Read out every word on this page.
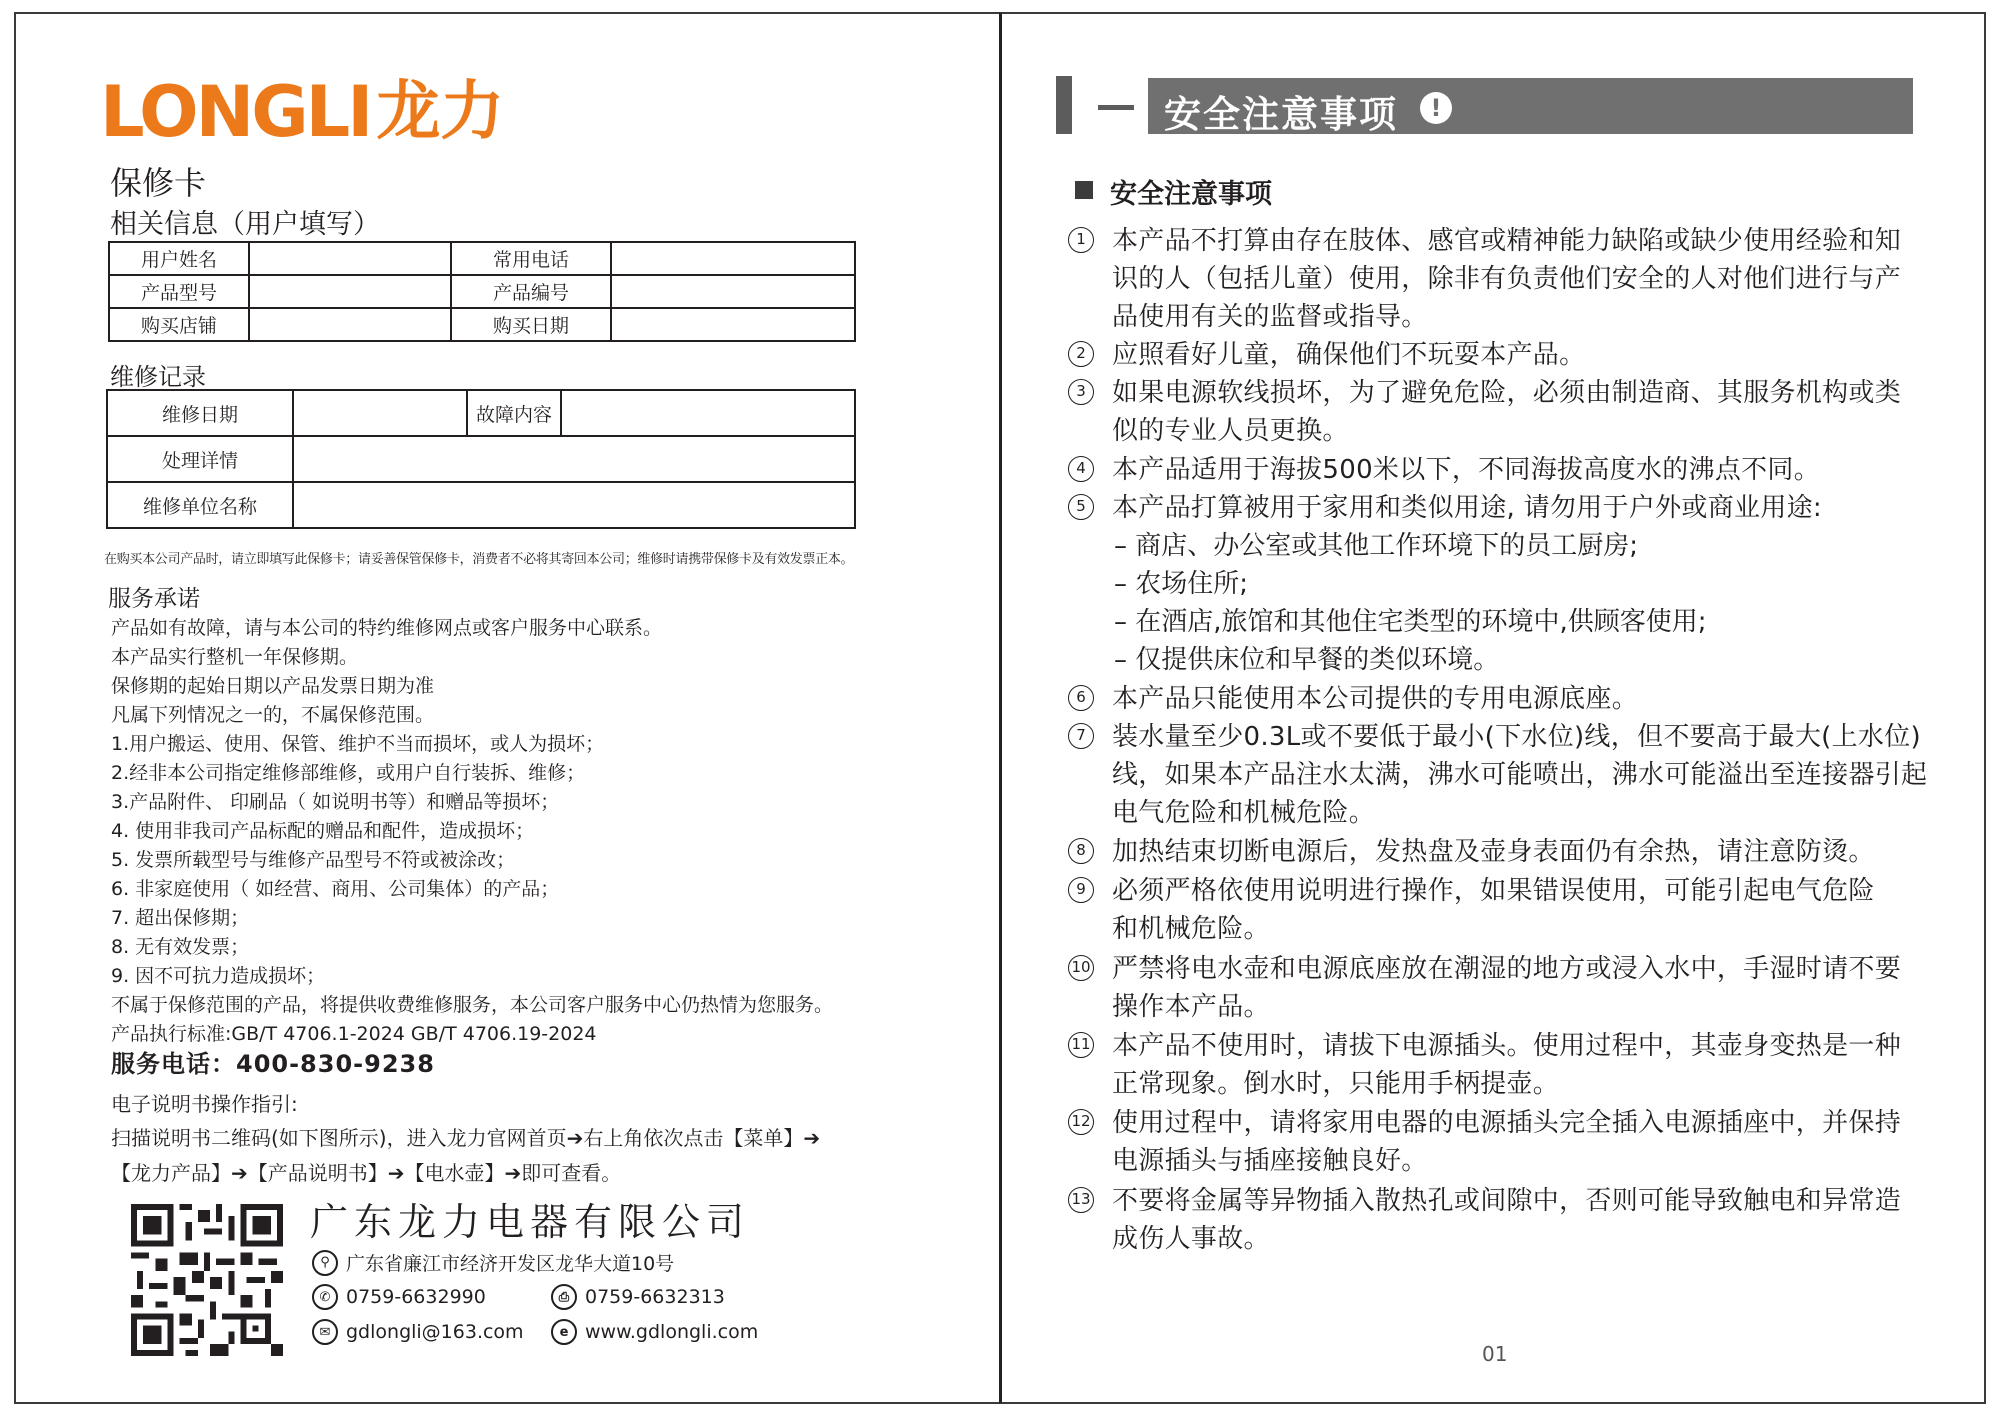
LONGLI 龙力
保修卡
相关信息（用户填写）
用户姓名		常用电话	
产品型号		产品编号	
购买店铺		购买日期	
维修记录
维修日期		故障内容	
处理详情			
维修单位名称			
在购买本公司产品时，请立即填写此保修卡；请妥善保管保修卡，消费者不必将其寄回本公司；维修时请携带保修卡及有效发票正本。
服务承诺
产品如有故障，请与本公司的特约维修网点或客户服务中心联系。
本产品实行整机一年保修期。
保修期的起始日期以产品发票日期为准
凡属下列情况之一的，不属保修范围。
1.用户搬运、使用、保管、维护不当而损坏，或人为损坏；
2.经非本公司指定维修部维修，或用户自行装拆、维修；
3.产品附件、 印刷品（ 如说明书等）和赠品等损坏；
4. 使用非我司产品标配的赠品和配件，造成损坏；
5. 发票所载型号与维修产品型号不符或被涂改；
6. 非家庭使用（ 如经营、商用、公司集体）的产品；
7. 超出保修期；
8. 无有效发票；
9. 因不可抗力造成损坏；
不属于保修范围的产品，将提供收费维修服务，本公司客户服务中心仍热情为您服务。
产品执行标准:GB/T 4706.1-2024 GB/T 4706.19-2024
服务电话：400-830-9238
电子说明书操作指引:
扫描说明书二维码(如下图所示)，进入龙力官网首页➔右上角依次点击【菜单】➔
【龙力产品】➔【产品说明书】➔【电水壶】➔即可查看。
广东龙力电器有限公司
⚲ 广东省廉江市经济开发区龙华大道10号
✆ 0759-6632990	⎙ 0759-6632313
✉ gdlongli@163.com	e www.gdlongli.com
安全注意事项	!
安全注意事项
1	本产品不打算由存在肢体、感官或精神能力缺陷或缺少使用经验和知
识的人（包括儿童）使用，除非有负责他们安全的人对他们进行与产
品使用有关的监督或指导。
2	应照看好儿童，确保他们不玩耍本产品。
3	如果电源软线损坏，为了避免危险，必须由制造商、其服务机构或类
似的专业人员更换。
4	本产品适用于海拔500米以下，不同海拔高度水的沸点不同。
5	本产品打算被用于家用和类似用途, 请勿用于户外或商业用途:
– 商店、办公室或其他工作环境下的员工厨房;
– 农场住所;
– 在酒店,旅馆和其他住宅类型的环境中,供顾客使用;
– 仅提供床位和早餐的类似环境。
6	本产品只能使用本公司提供的专用电源底座。
7	装水量至少0.3L或不要低于最小(下水位)线，但不要高于最大(上水位)
线，如果本产品注水太满，沸水可能喷出，沸水可能溢出至连接器引起
电气危险和机械危险。
8	加热结束切断电源后，发热盘及壶身表面仍有余热，请注意防烫。
9	必须严格依使用说明进行操作，如果错误使用，可能引起电气危险
和机械危险。
10 严禁将电水壶和电源底座放在潮湿的地方或浸入水中，手湿时请不要
操作本产品。
11 本产品不使用时，请拔下电源插头。使用过程中，其壶身变热是一种
正常现象。倒水时，只能用手柄提壶。
12 使用过程中，请将家用电器的电源插头完全插入电源插座中，并保持
电源插头与插座接触良好。
13 不要将金属等异物插入散热孔或间隙中，否则可能导致触电和异常造
成伤人事故。
01
